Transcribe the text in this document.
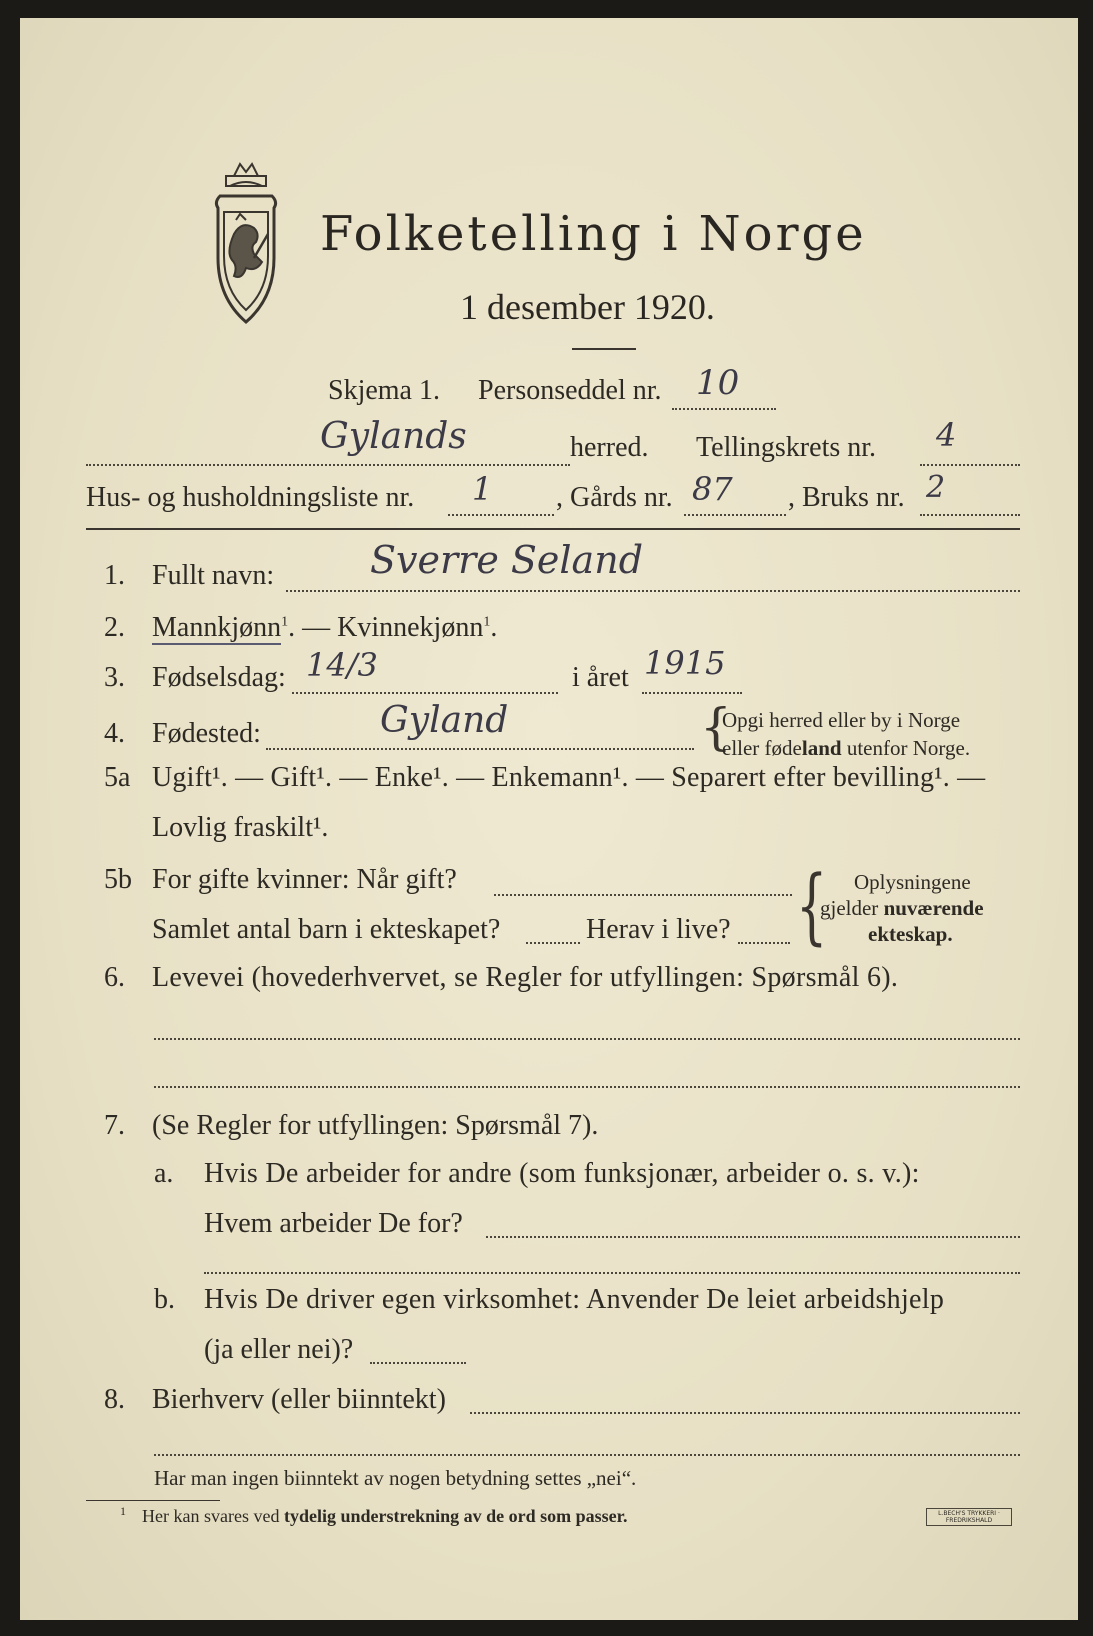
Folketelling i Norge
1 desember 1920.
Skjema 1. Personseddel nr. 10
Gylands	herred. Tellingskrets nr. 4
Hus- og husholdningsliste nr. 1 , Gårds nr. 87 , Bruks nr. 2
1. Fullt navn:	Sverre Seland
2. Mannkjønn$^1$. — Kvinnekjønn$^1$.
3. Fødselsdag: 14/3	i året 1915
4. Fødested:	Gyland	{
Opgi herred eller by i Norge
eller fødeland utenfor Norge.
5a Ugift¹. — Gift¹. — Enke¹. — Enkemann¹. — Separert efter bevilling¹. —
Lovlig fraskilt¹.
5b For gifte kvinner: Når gift?
Samlet antal barn i ekteskapet?	Herav i live? { Oplysningene
gjelder nuværende
ekteskap.
6. Levevei (hovederhvervet, se Regler for utfyllingen: Spørsmål 6).
7. (Se Regler for utfyllingen: Spørsmål 7).
a. Hvis De arbeider for andre (som funksjonær, arbeider o. s. v.):
Hvem arbeider De for?
b. Hvis De driver egen virksomhet: Anvender De leiet arbeidshjelp
(ja eller nei)?
8. Bierhverv (eller biinntekt)
Har man ingen biinntekt av nogen betydning settes „nei“.
1 Her kan svares ved tydelig understrekning av de ord som passer.	L.BECH'S TRYKKERI · FREDRIKSHALD
